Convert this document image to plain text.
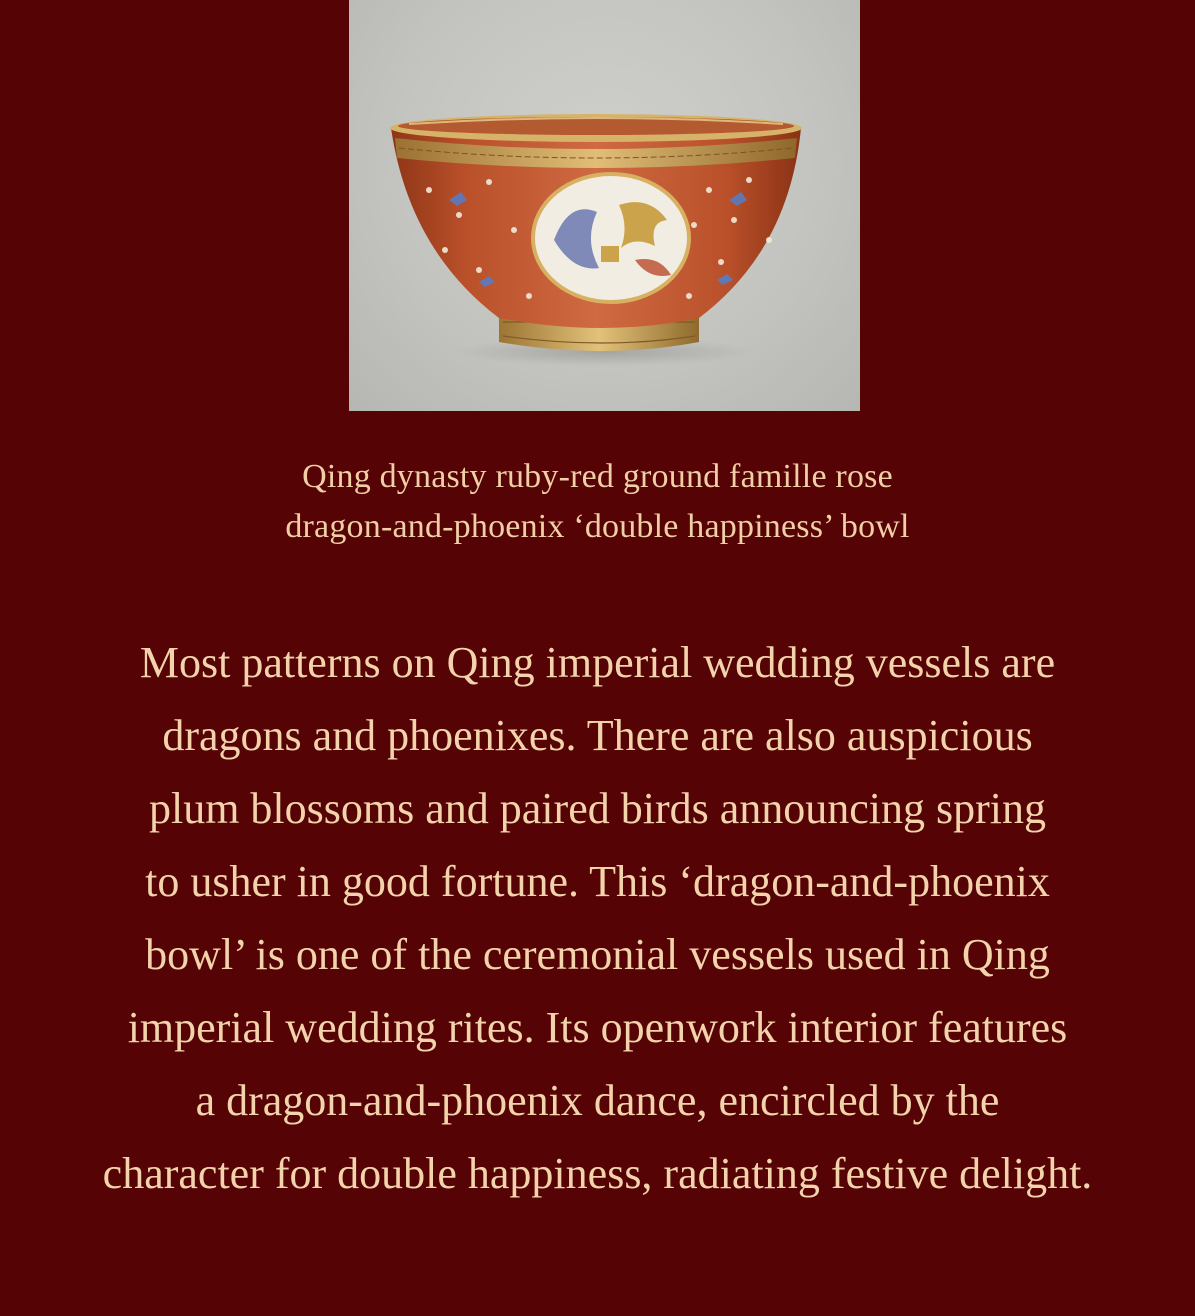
Qing dynasty ruby-red ground famille rose
dragon-and-phoenix ‘double happiness’ bowl
Most patterns on Qing imperial wedding vessels are
dragons and phoenixes. There are also auspicious
plum blossoms and paired birds announcing spring
to usher in good fortune. This ‘dragon-and-phoenix
bowl’ is one of the ceremonial vessels used in Qing
imperial wedding rites. Its openwork interior features
a dragon-and-phoenix dance, encircled by the
character for double happiness, radiating festive delight.
